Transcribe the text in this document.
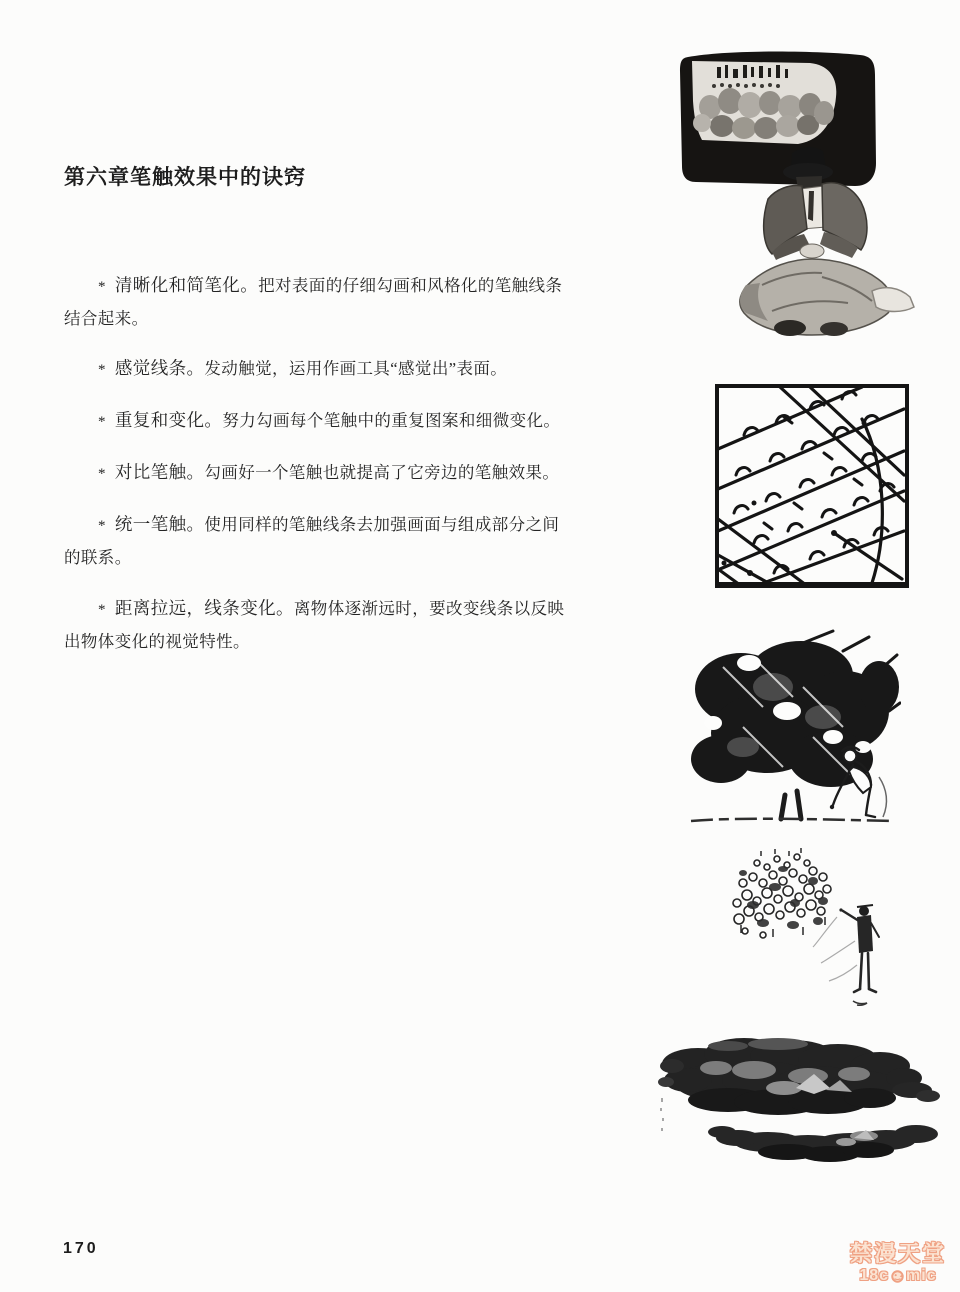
第六章笔触效果中的诀窍

* 清晰化和简笔化。把对表面的仔细勾画和风格化的笔触线条结合起来。

* 感觉线条。发动触觉，运用作画工具“感觉出”表面。

* 重复和变化。努力勾画每个笔触中的重复图案和细微变化。

* 对比笔触。勾画好一个笔触也就提高了它旁边的笔触效果。

* 统一笔触。使用同样的笔触线条去加强画面与组成部分之间的联系。

* 距离拉远，线条变化。离物体逐渐远时，要改变线条以反映出物体变化的视觉特性。

170	禁漫天堂
18c mic
